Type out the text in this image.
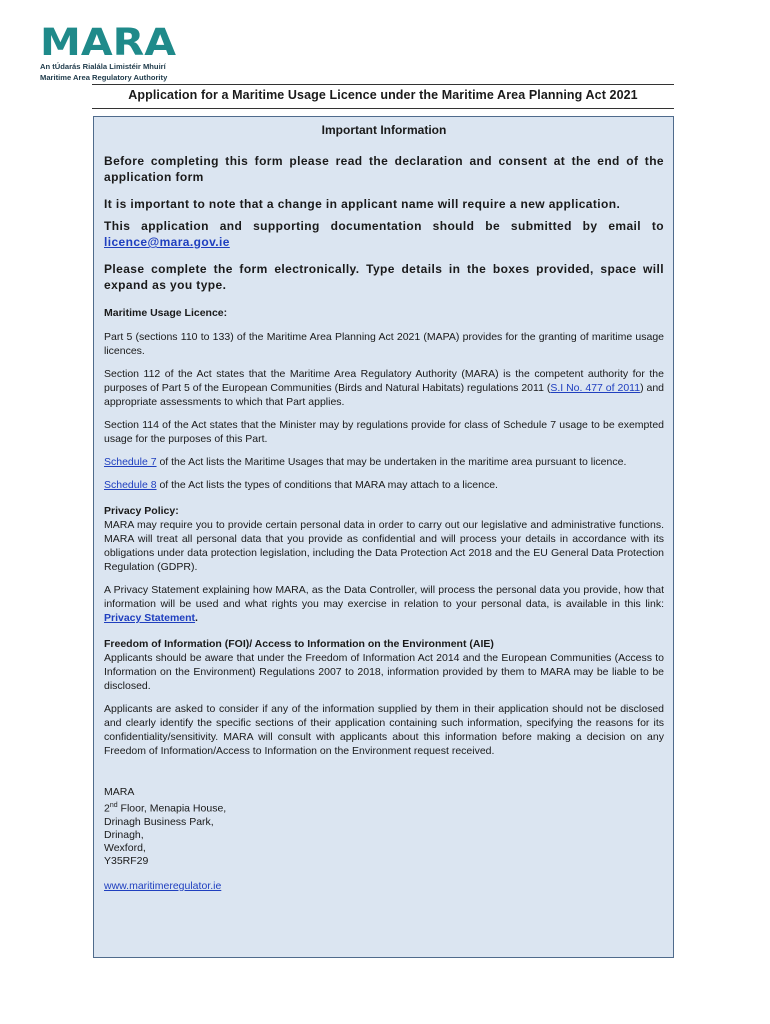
MARA
An tÚdarás Rialála Limistéir Mhuirí
Maritime Area Regulatory Authority
Application for a Maritime Usage Licence under the Maritime Area Planning Act 2021
Important Information

Before completing this form please read the declaration and consent at the end of the application form

It is important to note that a change in applicant name will require a new application.

This application and supporting documentation should be submitted by email to licence@mara.gov.ie

Please complete the form electronically. Type details in the boxes provided, space will expand as you type.

Maritime Usage Licence:

Part 5 (sections 110 to 133) of the Maritime Area Planning Act 2021 (MAPA) provides for the granting of maritime usage licences.

Section 112 of the Act states that the Maritime Area Regulatory Authority (MARA) is the competent authority for the purposes of Part 5 of the European Communities (Birds and Natural Habitats) regulations 2011 (S.I No. 477 of 2011) and appropriate assessments to which that Part applies.

Section 114 of the Act states that the Minister may by regulations provide for class of Schedule 7 usage to be exempted usage for the purposes of this Part.

Schedule 7 of the Act lists the Maritime Usages that may be undertaken in the maritime area pursuant to licence.

Schedule 8 of the Act lists the types of conditions that MARA may attach to a licence.

Privacy Policy:
MARA may require you to provide certain personal data in order to carry out our legislative and administrative functions. MARA will treat all personal data that you provide as confidential and will process your details in accordance with its obligations under data protection legislation, including the Data Protection Act 2018 and the EU General Data Protection Regulation (GDPR).

A Privacy Statement explaining how MARA, as the Data Controller, will process the personal data you provide, how that information will be used and what rights you may exercise in relation to your personal data, is available in this link: Privacy Statement.

Freedom of Information (FOI)/ Access to Information on the Environment (AIE)
Applicants should be aware that under the Freedom of Information Act 2014 and the European Communities (Access to Information on the Environment) Regulations 2007 to 2018, information provided by them to MARA may be liable to be disclosed.

Applicants are asked to consider if any of the information supplied by them in their application should not be disclosed and clearly identify the specific sections of their application containing such information, specifying the reasons for its confidentiality/sensitivity. MARA will consult with applicants about this information before making a decision on any Freedom of Information/Access to Information on the Environment request received.

MARA
2nd Floor, Menapia House,
Drinagh Business Park,
Drinagh,
Wexford,
Y35RF29
www.maritimeregulator.ie
